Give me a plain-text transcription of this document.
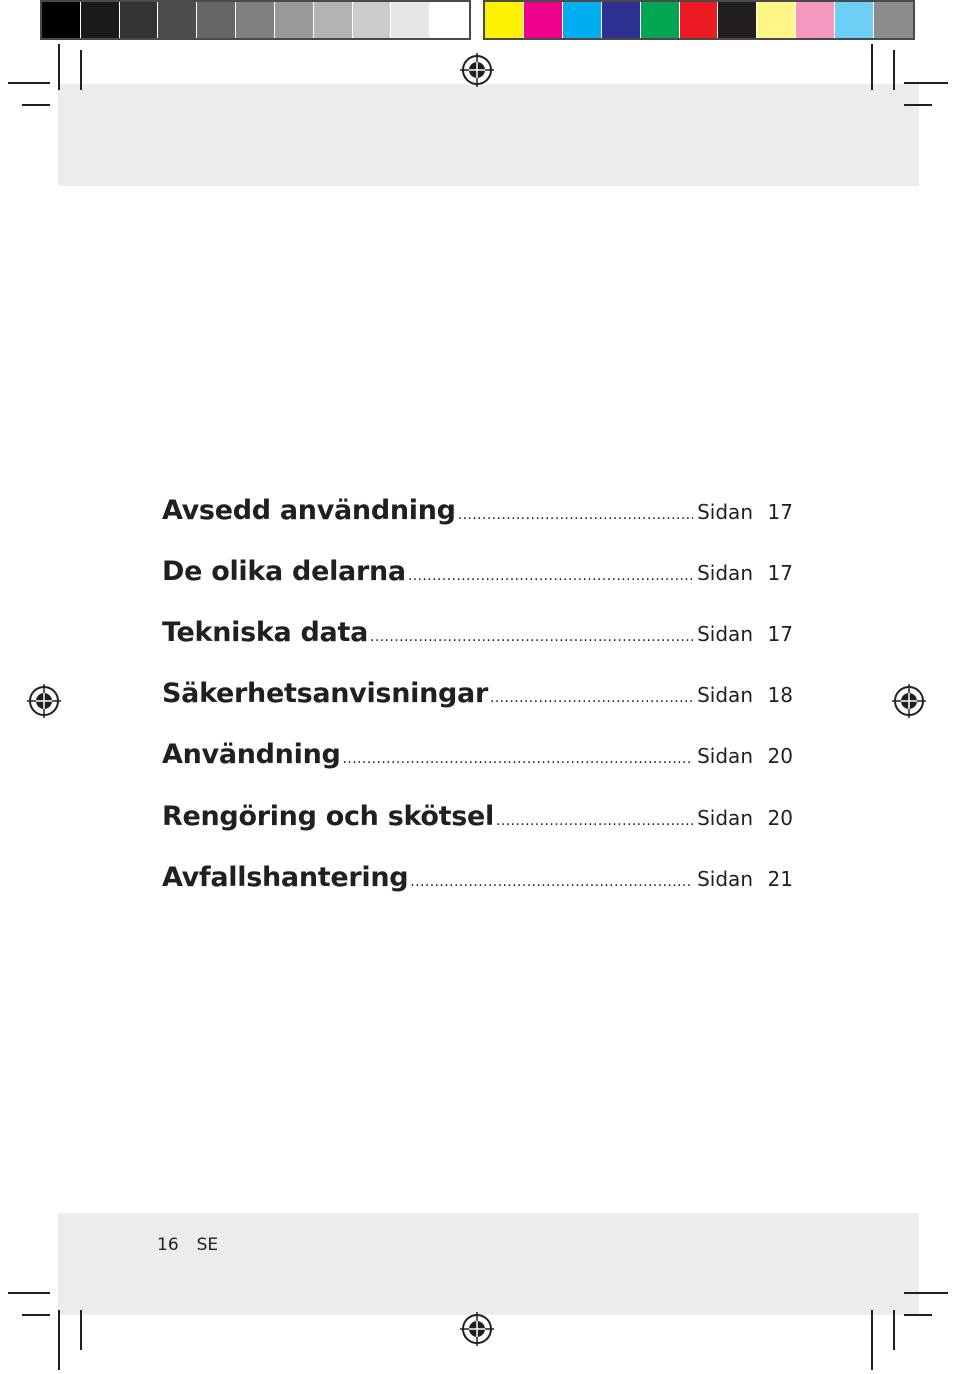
Avsedd användning .....	Sidan 17
De olika delarna .....	Sidan 17
Tekniska data .....	Sidan 17
Säkerhetsanvisningar .....	Sidan 18
Användning .....	Sidan 20
Rengöring och skötsel .....	Sidan 20
Avfallshantering .....	Sidan 21
16 SE
